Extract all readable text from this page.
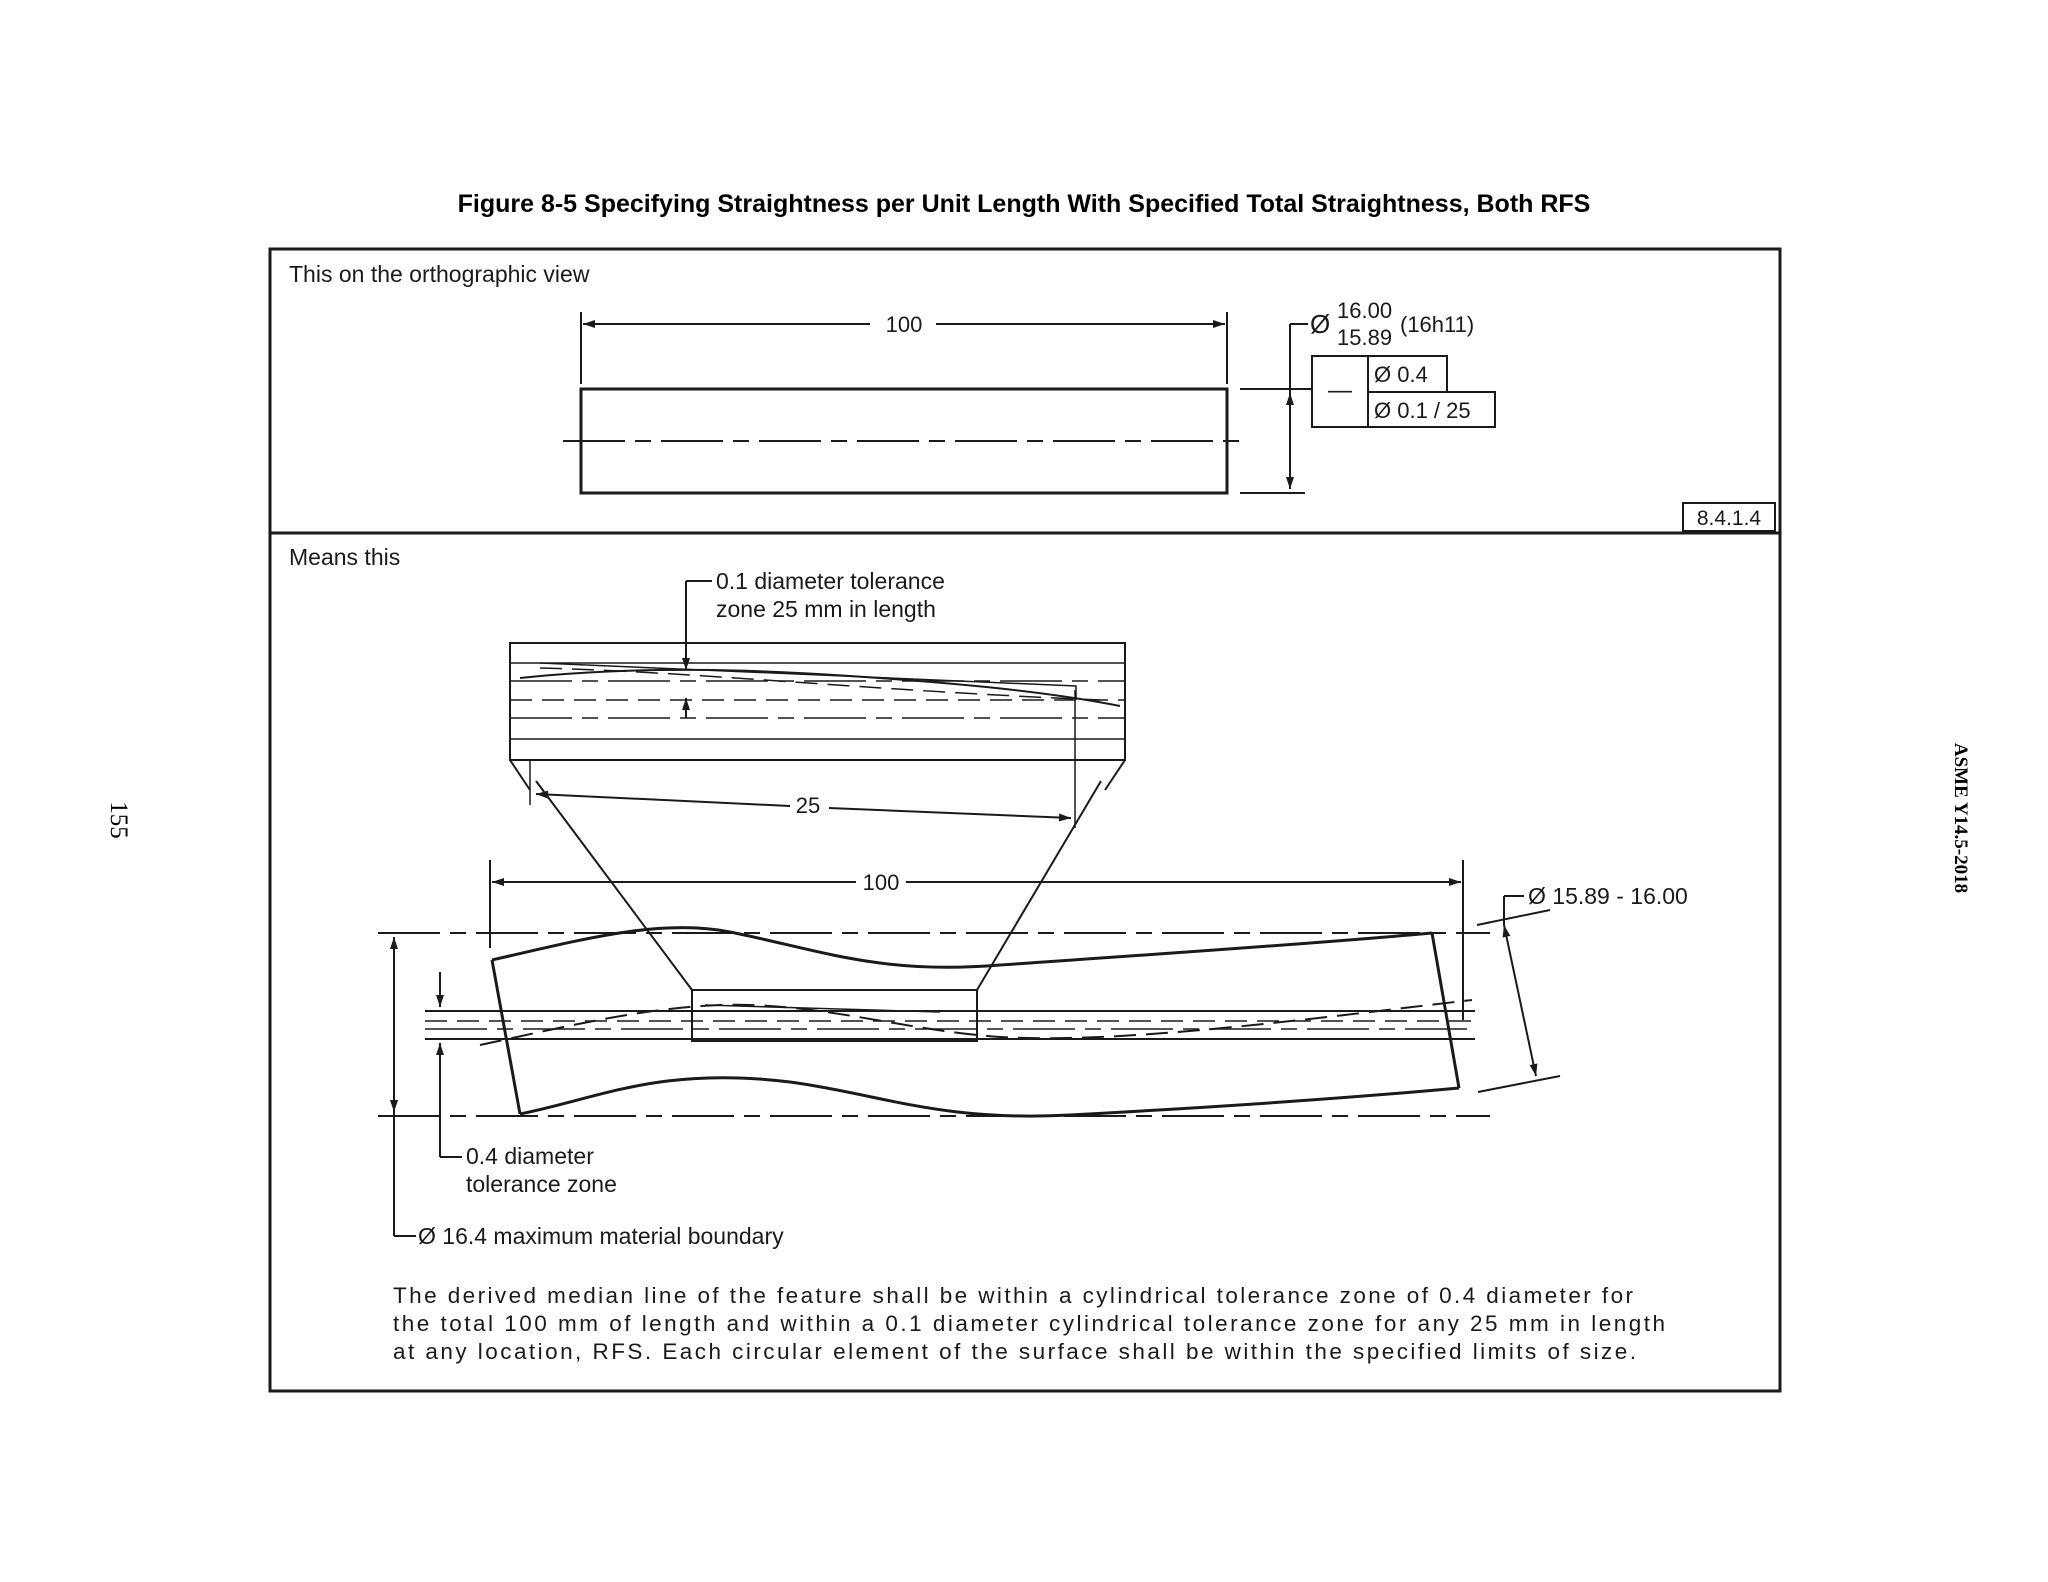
Figure 8-5 Specifying Straightness per Unit Length With Specified Total Straightness, Both RFS
155	ASME Y14.5-2018
This on the orthographic view
100	Ø 16.00
15.89
(16h11)
—
Ø 0.4
Ø 0.1 / 25
8.4.1.4
Means this
0.1 diameter tolerance
zone 25 mm in length
25
100
0.4 diameter
tolerance zone
Ø 16.4 maximum material boundary
Ø 15.89 - 16.00
The derived median line of the feature shall be within a cylindrical tolerance zone of 0.4 diameter for
the total 100 mm of length and within a 0.1 diameter cylindrical tolerance zone for any 25 mm in length
at any location, RFS. Each circular element of the surface shall be within the specified limits of size.
